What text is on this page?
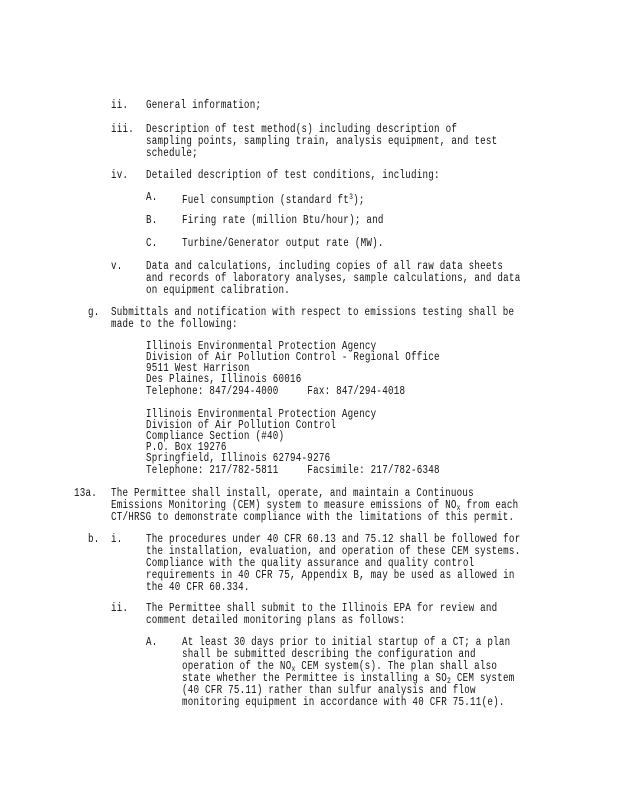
ii. General information;
iii. Description of test method(s) including description of
sampling points, sampling train, analysis equipment, and test
schedule;
iv. Detailed description of test conditions, including:
A. Fuel consumption (standard $ft^3$);
B. Firing rate (million Btu/hour); and
C. Turbine/Generator output rate (MW).
v. Data and calculations, including copies of all raw data sheets
and records of laboratory analyses, sample calculations, and data
on equipment calibration.
g. Submittals and notification with respect to emissions testing shall be
made to the following:
Illinois Environmental Protection Agency
Division of Air Pollution Control - Regional Office
9511 West Harrison
Des Plaines, Illinois 60016
Telephone: 847/294-4000     Fax: 847/294-4018
Illinois Environmental Protection Agency
Division of Air Pollution Control
Compliance Section (#40)
P.O. Box 19276
Springfield, Illinois 62794-9276
Telephone: 217/782-5811     Facsimile: 217/782-6348
13a. The Permittee shall install, operate, and maintain a Continuous
Emissions Monitoring (CEM) system to measure emissions of $NO_x$ from each
CT/HRSG to demonstrate compliance with the limitations of this permit.
b. i. The procedures under 40 CFR 60.13 and 75.12 shall be followed for
the installation, evaluation, and operation of these CEM systems.
Compliance with the quality assurance and quality control
requirements in 40 CFR 75, Appendix B, may be used as allowed in
the 40 CFR 60.334.
ii. The Permittee shall submit to the Illinois EPA for review and
comment detailed monitoring plans as follows:
A. At least 30 days prior to initial startup of a CT; a plan
shall be submitted describing the configuration and
operation of the $NO_x$ CEM system(s). The plan shall also
state whether the Permittee is installing a $SO_2$ CEM system
(40 CFR 75.11) rather than sulfur analysis and flow
monitoring equipment in accordance with 40 CFR 75.11(e).
